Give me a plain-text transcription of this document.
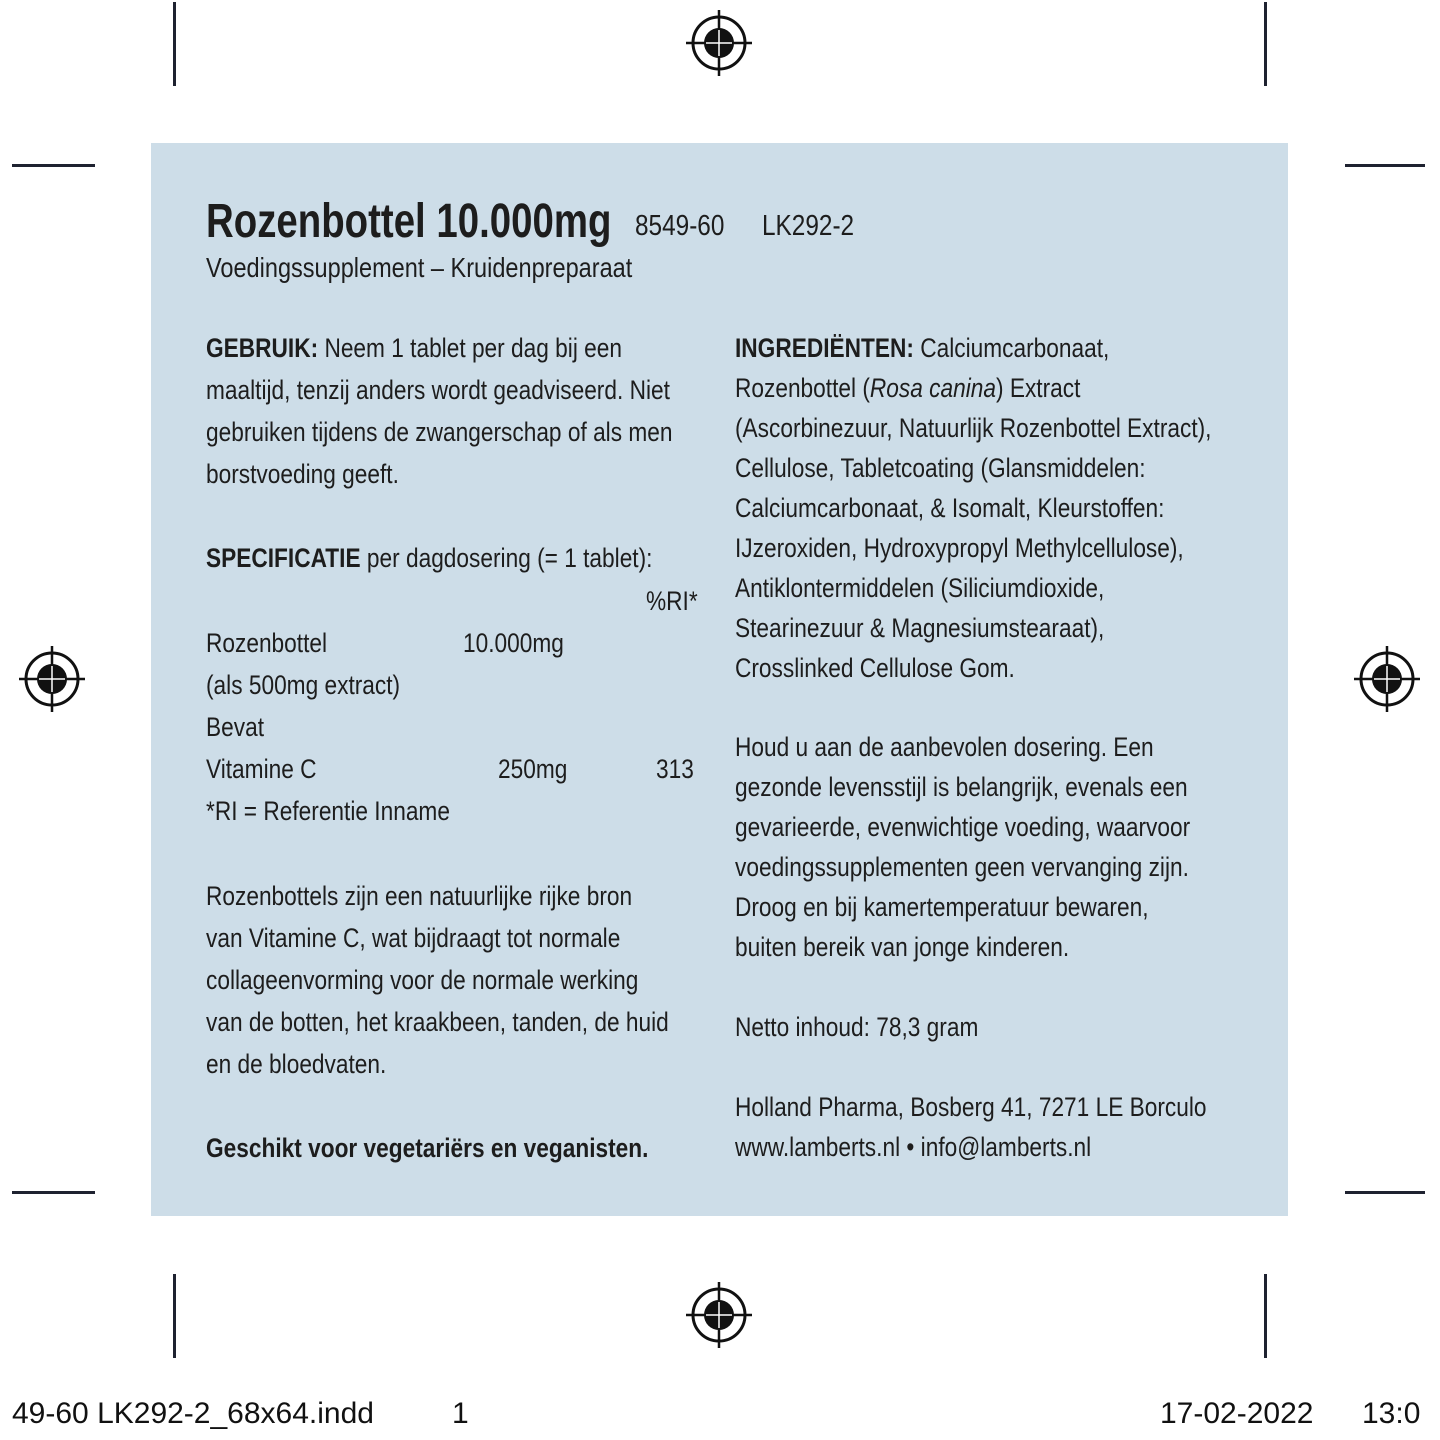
Rozenbottel 10.000mg 8549-60 LK292-2
Voedingssupplement – Kruidenpreparaat
GEBRUIK: Neem 1 tablet per dag bij een
maaltijd, tenzij anders wordt geadviseerd. Niet
gebruiken tijdens de zwangerschap of als men
borstvoeding geeft.
SPECIFICATIE per dagdosering (= 1 tablet):
%RI*
Rozenbottel	10.000mg
(als 500mg extract)
Bevat
Vitamine C	250mg	313
*RI = Referentie Inname
Rozenbottels zijn een natuurlijke rijke bron
van Vitamine C, wat bijdraagt tot normale
collageenvorming voor de normale werking
van de botten, het kraakbeen, tanden, de huid
en de bloedvaten.
Geschikt voor vegetariërs en veganisten.
INGREDIËNTEN: Calciumcarbonaat,
Rozenbottel (Rosa canina) Extract
(Ascorbinezuur, Natuurlijk Rozenbottel Extract),
Cellulose, Tabletcoating (Glansmiddelen:
Calciumcarbonaat, & Isomalt, Kleurstoffen:
IJzeroxiden, Hydroxypropyl Methylcellulose),
Antiklontermiddelen (Siliciumdioxide,
Stearinezuur & Magnesiumstearaat),
Crosslinked Cellulose Gom.
Houd u aan de aanbevolen dosering. Een
gezonde levensstijl is belangrijk, evenals een
gevarieerde, evenwichtige voeding, waarvoor
voedingssupplementen geen vervanging zijn.
Droog en bij kamertemperatuur bewaren,
buiten bereik van jonge kinderen.
Netto inhoud: 78,3 gram
Holland Pharma, Bosberg 41, 7271 LE Borculo
www.lamberts.nl • info@lamberts.nl
49-60 LK292-2_68x64.indd	1	17-02-2022 13:0
